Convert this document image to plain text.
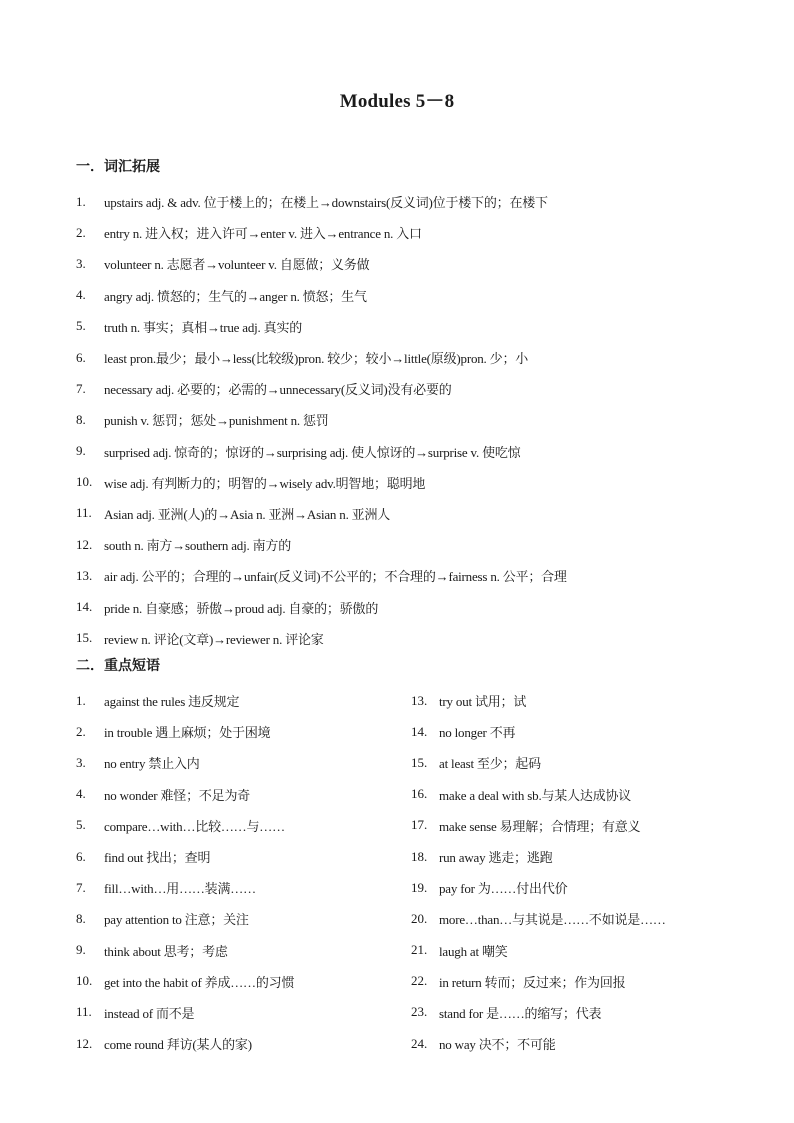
Modules 5－8
一．词汇拓展
1.	upstairs adj. & adv. 位于楼上的；在楼上→downstairs(反义词)位于楼下的；在楼下
2.	entry n. 进入权；进入许可→enter v. 进入→entrance n. 入口
3.	volunteer n. 志愿者→volunteer v. 自愿做；义务做
4.	angry adj. 愤怒的；生气的→anger n. 愤怒；生气
5.	truth n. 事实；真相→true adj. 真实的
6.	least pron.最少；最小→less(比较级)pron. 较少；较小→little(原级)pron. 少；小
7.	necessary adj. 必要的；必需的→unnecessary(反义词)没有必要的
8.	punish v. 惩罚；惩处→punishment n. 惩罚
9.	surprised adj. 惊奇的；惊讶的→surprising adj. 使人惊讶的→surprise v. 使吃惊
10. wise adj. 有判断力的；明智的→wisely adv.明智地；聪明地
11. Asian adj. 亚洲(人)的→Asia n. 亚洲→Asian n. 亚洲人
12. south n. 南方→southern adj. 南方的
13. air adj. 公平的；合理的→unfair(反义词)不公平的；不合理的→fairness n. 公平；合理
14. pride n. 自豪感；骄傲→proud adj. 自豪的；骄傲的
15. review n. 评论(文章)→reviewer n. 评论家
二．重点短语
1.	against the rules 违反规定
2.	in trouble 遇上麻烦；处于困境
3.	no entry 禁止入内
4.	no wonder 难怪；不足为奇
5.	compare…with…比较……与……
6.	find out 找出；查明
7.	fill…with…用……装满……
8.	pay attention to 注意；关注
9.	think about 思考；考虑
10. get into the habit of 养成……的习惯
11. instead of 而不是
12. come round 拜访(某人的家)
13. try out 试用；试
14. no longer 不再
15. at least 至少；起码
16. make a deal with sb.与某人达成协议
17. make sense 易理解；合情理；有意义
18. run away 逃走；逃跑
19. pay for 为……付出代价
20. more…than…与其说是……不如说是……
21. laugh at 嘲笑
22. in return 转而；反过来；作为回报
23. stand for 是……的缩写；代表
24. no way 决不；不可能
